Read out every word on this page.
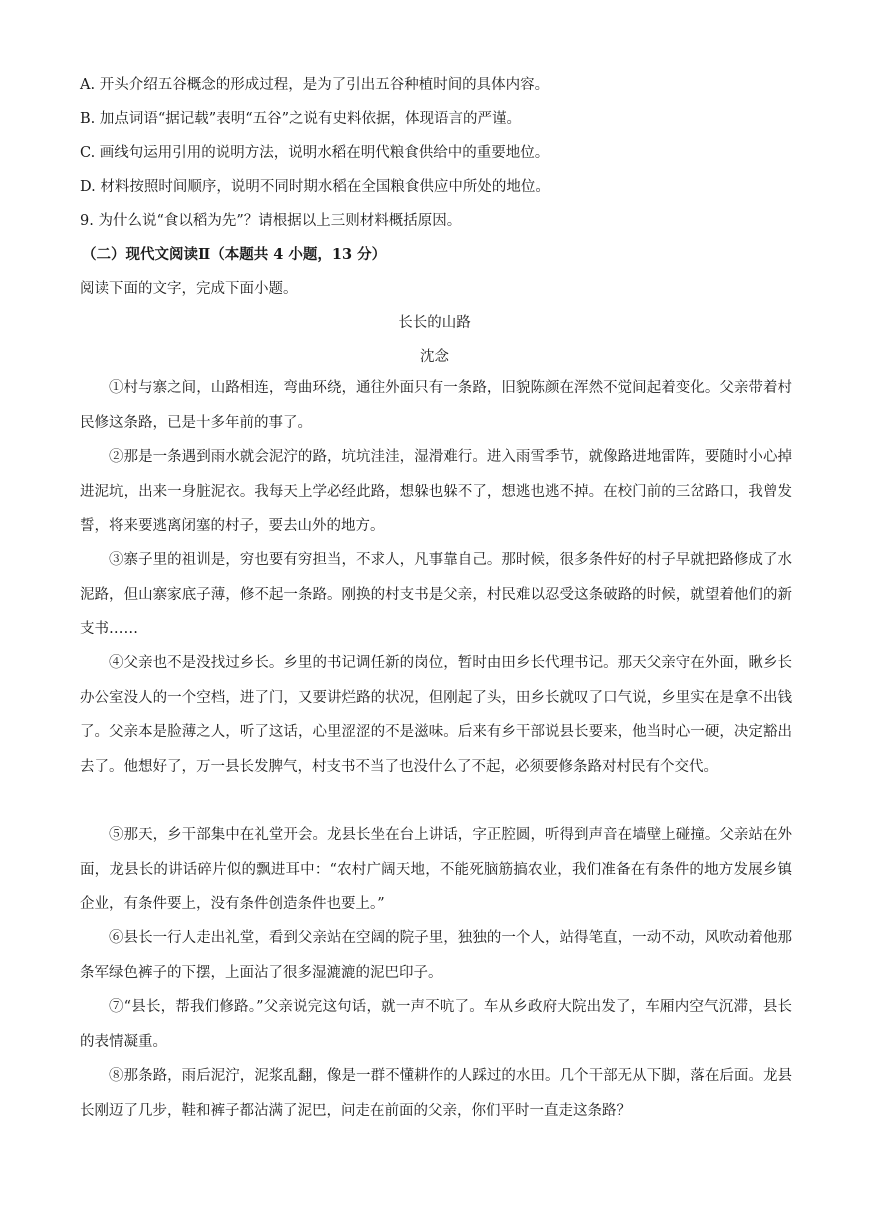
A. 开头介绍五谷概念的形成过程，是为了引出五谷种植时间的具体内容。
B. 加点词语“据记载”表明“五谷”之说有史料依据，体现语言的严谨。
C. 画线句运用引用的说明方法，说明水稻在明代粮食供给中的重要地位。
D. 材料按照时间顺序，说明不同时期水稻在全国粮食供应中所处的地位。
9. 为什么说“食以稻为先”？请根据以上三则材料概括原因。
（二）现代文阅读Ⅱ（本题共 4 小题，13 分）
阅读下面的文字，完成下面小题。
长长的山路
沈念

①村与寨之间，山路相连，弯曲环绕，通往外面只有一条路，旧貌陈颜在浑然不觉间起着变化。父亲带着村民修这条路，已是十多年前的事了。

②那是一条遇到雨水就会泥泞的路，坑坑洼洼，湿滑难行。进入雨雪季节，就像路进地雷阵，要随时小心掉进泥坑，出来一身脏泥衣。我每天上学必经此路，想躲也躲不了，想逃也逃不掉。在校门前的三岔路口，我曾发誓，将来要逃离闭塞的村子，要去山外的地方。

③寨子里的祖训是，穷也要有穷担当，不求人，凡事靠自己。那时候，很多条件好的村子早就把路修成了水泥路，但山寨家底子薄，修不起一条路。刚换的村支书是父亲，村民难以忍受这条破路的时候，就望着他们的新支书……

④父亲也不是没找过乡长。乡里的书记调任新的岗位，暂时由田乡长代理书记。那天父亲守在外面，瞅乡长办公室没人的一个空档，进了门，又要讲烂路的状况，但刚起了头，田乡长就叹了口气说，乡里实在是拿不出钱了。父亲本是脸薄之人，听了这话，心里涩涩的不是滋味。后来有乡干部说县长要来，他当时心一硬，决定豁出去了。他想好了，万一县长发脾气，村支书不当了也没什么了不起，必须要修条路对村民有个交代。

⑤那天，乡干部集中在礼堂开会。龙县长坐在台上讲话，字正腔圆，听得到声音在墙壁上碰撞。父亲站在外面，龙县长的讲话碎片似的飘进耳中：“农村广阔天地，不能死脑筋搞农业，我们准备在有条件的地方发展乡镇企业，有条件要上，没有条件创造条件也要上。”

⑥县长一行人走出礼堂，看到父亲站在空阔的院子里，独独的一个人，站得笔直，一动不动，风吹动着他那条军绿色裤子的下摆，上面沾了很多湿漉漉的泥巴印子。

⑦“县长，帮我们修路。”父亲说完这句话，就一声不吭了。车从乡政府大院出发了，车厢内空气沉滞，县长的表情凝重。

⑧那条路，雨后泥泞，泥浆乱翻，像是一群不懂耕作的人踩过的水田。几个干部无从下脚，落在后面。龙县长刚迈了几步，鞋和裤子都沾满了泥巴，问走在前面的父亲，你们平时一直走这条路？
